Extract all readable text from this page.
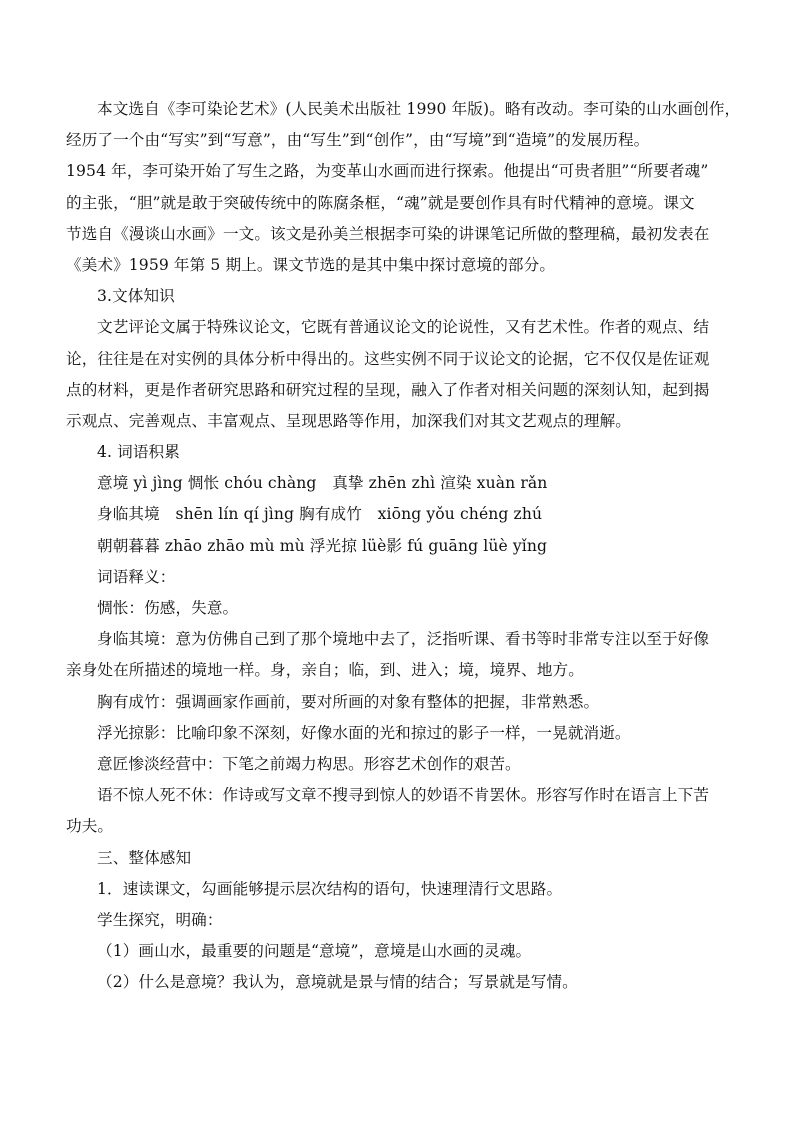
本文选自《李可染论艺术》(人民美术出版社 1990 年版)。略有改动。李可染的山水画创作，
经历了一个由“写实”到“写意”，由“写生”到“创作”，由“写境”到“造境”的发展历程。
1954 年，李可染开始了写生之路，为变革山水画而进行探索。他提出“可贵者胆”“所要者魂”
的主张，“胆”就是敢于突破传统中的陈腐条框，“魂”就是要创作具有时代精神的意境。课文
节选自《漫谈山水画》一文。该文是孙美兰根据李可染的讲课笔记所做的整理稿，最初发表在
《美术》1959 年第 5 期上。课文节选的是其中集中探讨意境的部分。
3.文体知识
文艺评论文属于特殊议论文，它既有普通议论文的论说性，又有艺术性。作者的观点、结
论，往往是在对实例的具体分析中得出的。这些实例不同于议论文的论据，它不仅仅是佐证观
点的材料，更是作者研究思路和研究过程的呈现，融入了作者对相关问题的深刻认知，起到揭
示观点、完善观点、丰富观点、呈现思路等作用，加深我们对其文艺观点的理解。
4. 词语积累
意境 yì jìng 惆怅 chóu chàng　真挚 zhēn zhì 渲染 xuàn rǎn
身临其境　shēn lín qí jìng 胸有成竹　xiōng yǒu chéng zhú
朝朝暮暮 zhāo zhāo mù mù 浮光掠 lüè影 fú guāng lüè yǐng
词语释义：
惆怅：伤感，失意。
身临其境：意为仿佛自己到了那个境地中去了，泛指听课、看书等时非常专注以至于好像
亲身处在所描述的境地一样。身，亲自；临，到、进入；境，境界、地方。
胸有成竹：强调画家作画前，要对所画的对象有整体的把握，非常熟悉。
浮光掠影：比喻印象不深刻，好像水面的光和掠过的影子一样，一晃就消逝。
意匠惨淡经营中：下笔之前竭力构思。形容艺术创作的艰苦。
语不惊人死不休：作诗或写文章不搜寻到惊人的妙语不肯罢休。形容写作时在语言上下苦
功夫。
三、整体感知
1．速读课文，勾画能够提示层次结构的语句，快速理清行文思路。
学生探究，明确：
（1）画山水，最重要的问题是“意境”，意境是山水画的灵魂。
（2）什么是意境？我认为，意境就是景与情的结合；写景就是写情。
